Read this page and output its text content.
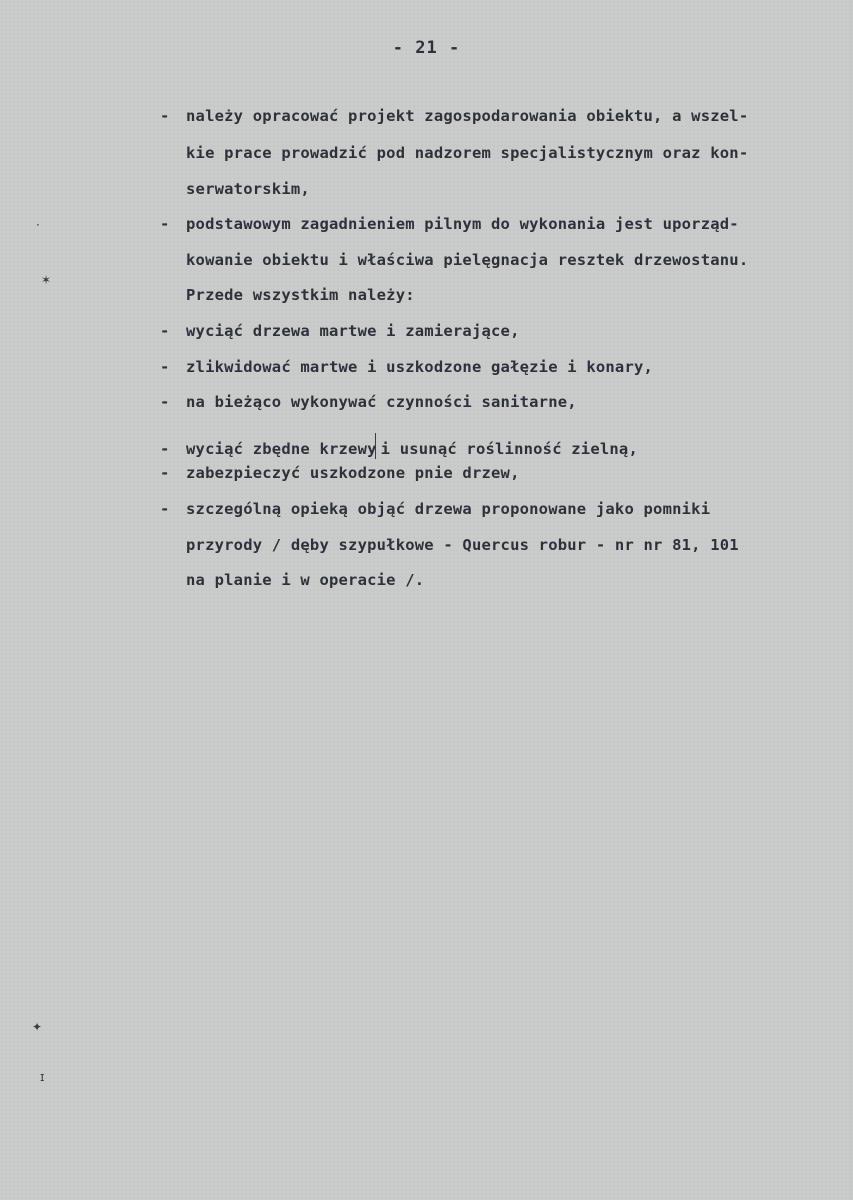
- 21 -
- należy opracować projekt zagospodarowania obiektu, a wszel-
kie prace prowadzić pod nadzorem specjalistycznym oraz kon-
serwatorskim,
- podstawowym zagadnieniem pilnym do wykonania jest uporząd-
kowanie obiektu i właściwa pielęgnacja resztek drzewostanu.
Przede wszystkim należy:
- wyciąć drzewa martwe i zamierające,
- zlikwidować martwe i uszkodzone gałęzie i konary,
- na bieżąco wykonywać czynności sanitarne,
- wyciąć zbędne krzewy i usunąć roślinność zielną,
- zabezpieczyć uszkodzone pnie drzew,
- szczególną opieką objąć drzewa proponowane jako pomniki
przyrody / dęby szypułkowe - Quercus robur - nr nr 81, 101
na planie i w operacie /.
·
✶
✦
ɪ
